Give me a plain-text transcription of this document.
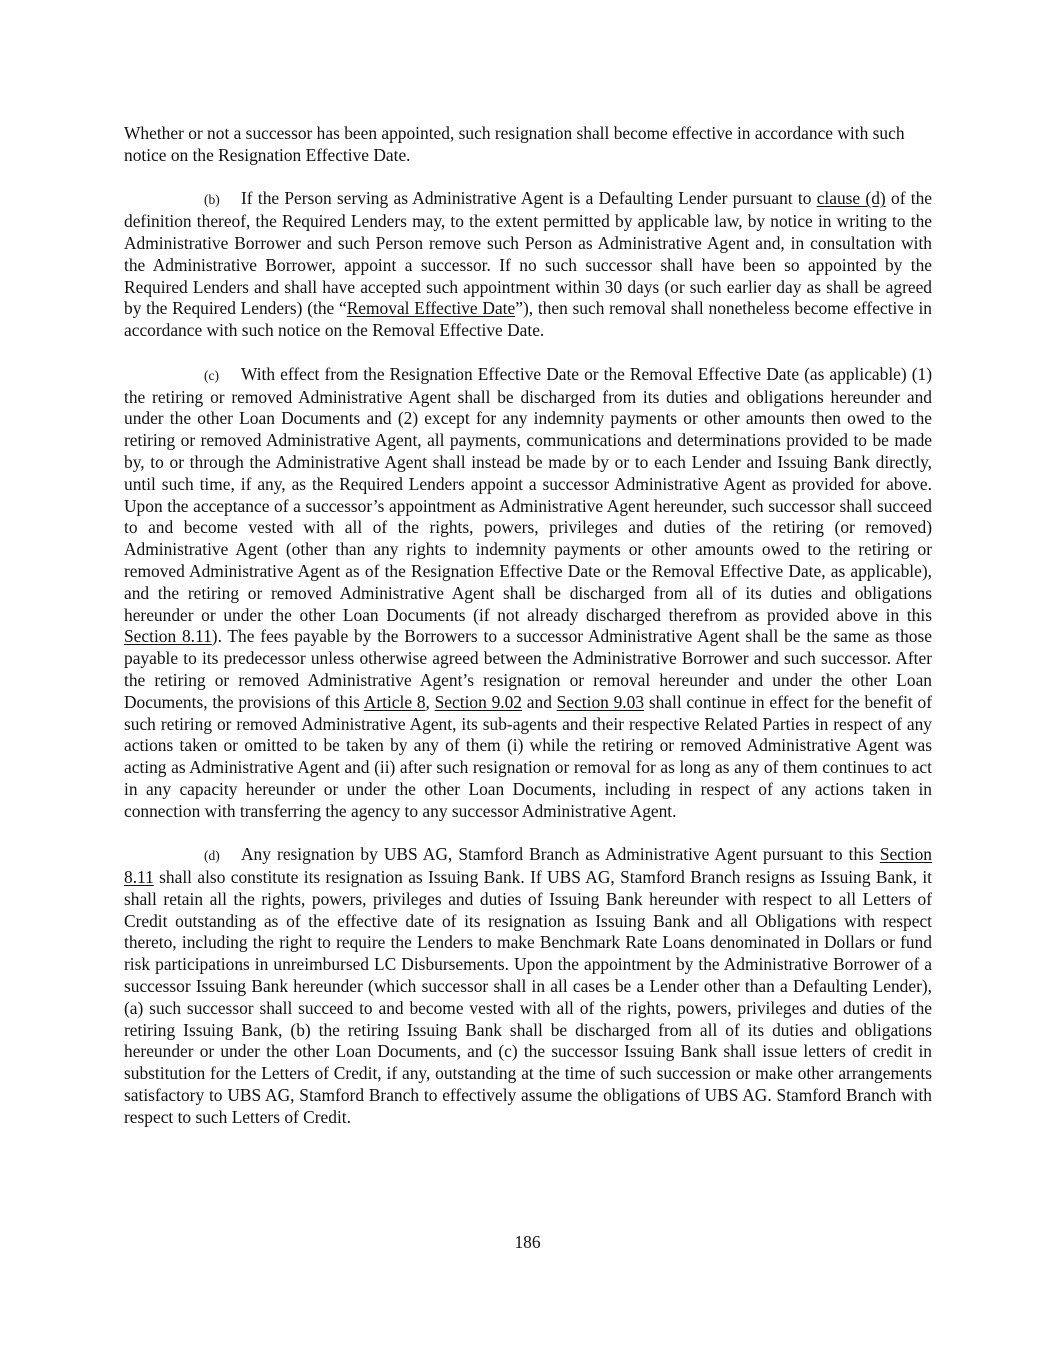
Whether or not a successor has been appointed, such resignation shall become effective in accordance with such notice on the Resignation Effective Date.

(b) If the Person serving as Administrative Agent is a Defaulting Lender pursuant to clause (d) of the definition thereof, the Required Lenders may, to the extent permitted by applicable law, by notice in writing to the Administrative Borrower and such Person remove such Person as Administrative Agent and, in consultation with the Administrative Borrower, appoint a successor. If no such successor shall have been so appointed by the Required Lenders and shall have accepted such appointment within 30 days (or such earlier day as shall be agreed by the Required Lenders) (the “Removal Effective Date”), then such removal shall nonetheless become effective in accordance with such notice on the Removal Effective Date.

(c) With effect from the Resignation Effective Date or the Removal Effective Date (as applicable) (1) the retiring or removed Administrative Agent shall be discharged from its duties and obligations hereunder and under the other Loan Documents and (2) except for any indemnity payments or other amounts then owed to the retiring or removed Administrative Agent, all payments, communications and determinations provided to be made by, to or through the Administrative Agent shall instead be made by or to each Lender and Issuing Bank directly, until such time, if any, as the Required Lenders appoint a successor Administrative Agent as provided for above. Upon the acceptance of a successor’s appointment as Administrative Agent hereunder, such successor shall succeed to and become vested with all of the rights, powers, privileges and duties of the retiring (or removed) Administrative Agent (other than any rights to indemnity payments or other amounts owed to the retiring or removed Administrative Agent as of the Resignation Effective Date or the Removal Effective Date, as applicable), and the retiring or removed Administrative Agent shall be discharged from all of its duties and obligations hereunder or under the other Loan Documents (if not already discharged therefrom as provided above in this Section 8.11). The fees payable by the Borrowers to a successor Administrative Agent shall be the same as those payable to its predecessor unless otherwise agreed between the Administrative Borrower and such successor. After the retiring or removed Administrative Agent’s resignation or removal hereunder and under the other Loan Documents, the provisions of this Article 8, Section 9.02 and Section 9.03 shall continue in effect for the benefit of such retiring or removed Administrative Agent, its sub-agents and their respective Related Parties in respect of any actions taken or omitted to be taken by any of them (i) while the retiring or removed Administrative Agent was acting as Administrative Agent and (ii) after such resignation or removal for as long as any of them continues to act in any capacity hereunder or under the other Loan Documents, including in respect of any actions taken in connection with transferring the agency to any successor Administrative Agent.

(d) Any resignation by UBS AG, Stamford Branch as Administrative Agent pursuant to this Section 8.11 shall also constitute its resignation as Issuing Bank. If UBS AG, Stamford Branch resigns as Issuing Bank, it shall retain all the rights, powers, privileges and duties of Issuing Bank hereunder with respect to all Letters of Credit outstanding as of the effective date of its resignation as Issuing Bank and all Obligations with respect thereto, including the right to require the Lenders to make Benchmark Rate Loans denominated in Dollars or fund risk participations in unreimbursed LC Disbursements. Upon the appointment by the Administrative Borrower of a successor Issuing Bank hereunder (which successor shall in all cases be a Lender other than a Defaulting Lender), (a) such successor shall succeed to and become vested with all of the rights, powers, privileges and duties of the retiring Issuing Bank, (b) the retiring Issuing Bank shall be discharged from all of its duties and obligations hereunder or under the other Loan Documents, and (c) the successor Issuing Bank shall issue letters of credit in substitution for the Letters of Credit, if any, outstanding at the time of such succession or make other arrangements satisfactory to UBS AG, Stamford Branch to effectively assume the obligations of UBS AG. Stamford Branch with respect to such Letters of Credit.

186
